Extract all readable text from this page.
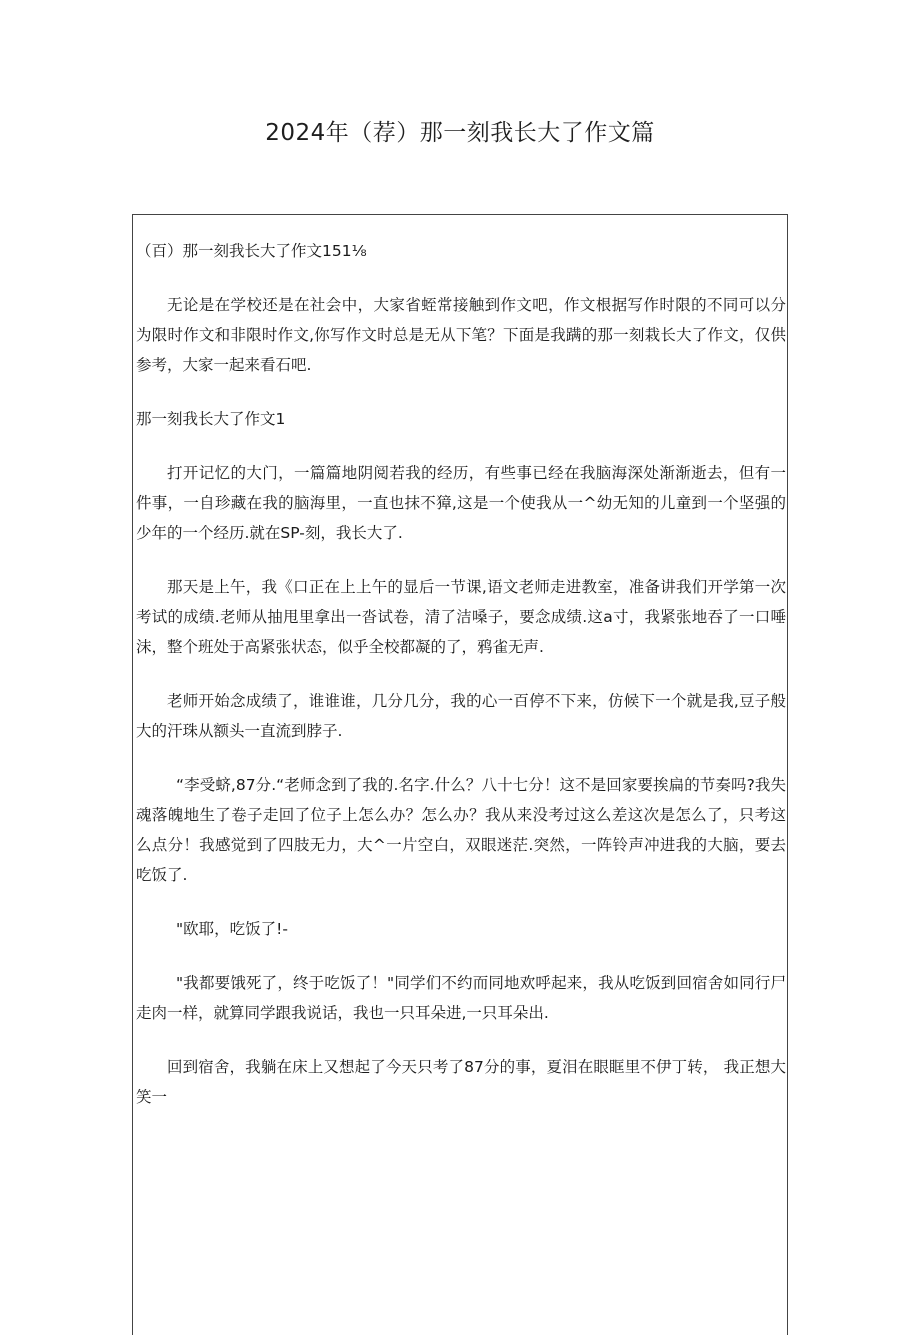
2024年（荐）那一刻我长大了作文篇

（百）那一刻我长大了作文151⅛

无论是在学校还是在社会中，大家省蛭常接触到作文吧，作文根据写作时限的不同可以分为限时作文和非限时作文,你写作文时总是无从下笔？下面是我蹒的那一刻栽长大了作文，仅供参考，大家一起来看石吧.

那一刻我长大了作文1

打开记忆的大门，一篇篇地阴阅若我的经历，有些事已经在我脑海深处渐渐逝去，但有一件事，一自珍藏在我的脑海里，一直也抹不獐,这是一个使我从一^幼无知的儿童到一个坚强的少年的一个经历.就在SP-刻，我长大了.

那天是上午，我《口正在上上午的显后一节课,语文老师走进教室，准备讲我们开学第一次考试的成绩.老师从抽甩里拿出一沓试卷，清了洁嗓子，要念成绩.这a寸，我紧张地吞了一口唾沫，整个班处于高紧张状态，似乎全校都凝的了，鸦雀无声.

老师开始念成绩了，谁谁谁，几分几分，我的心一百停不下来，仿候下一个就是我,豆子般大的汗珠从额头一直流到脖子.

“李受蛴,87分.“老师念到了我的.名字.什么？八十七分！这不是回家要挨扁的节奏吗?我失魂落魄地生了卷子走回了位子上怎么办？怎么办？我从来没考过这么差这次是怎么了，只考这么点分！我感觉到了四肢无力，大^一片空白，双眼迷茫.突然，一阵铃声冲进我的大脑，要去吃饭了.

"欧耶，吃饭了!-

"我都要饿死了，终于吃饭了！"同学们不约而同地欢呼起来，我从吃饭到回宿舍如同行尸走肉一样，就算同学跟我说话，我也一只耳朵进,一只耳朵出.

回到宿舍，我躺在床上又想起了今天只考了87分的事，夏泪在眼眶里不伊丁转， 我正想大笑一
